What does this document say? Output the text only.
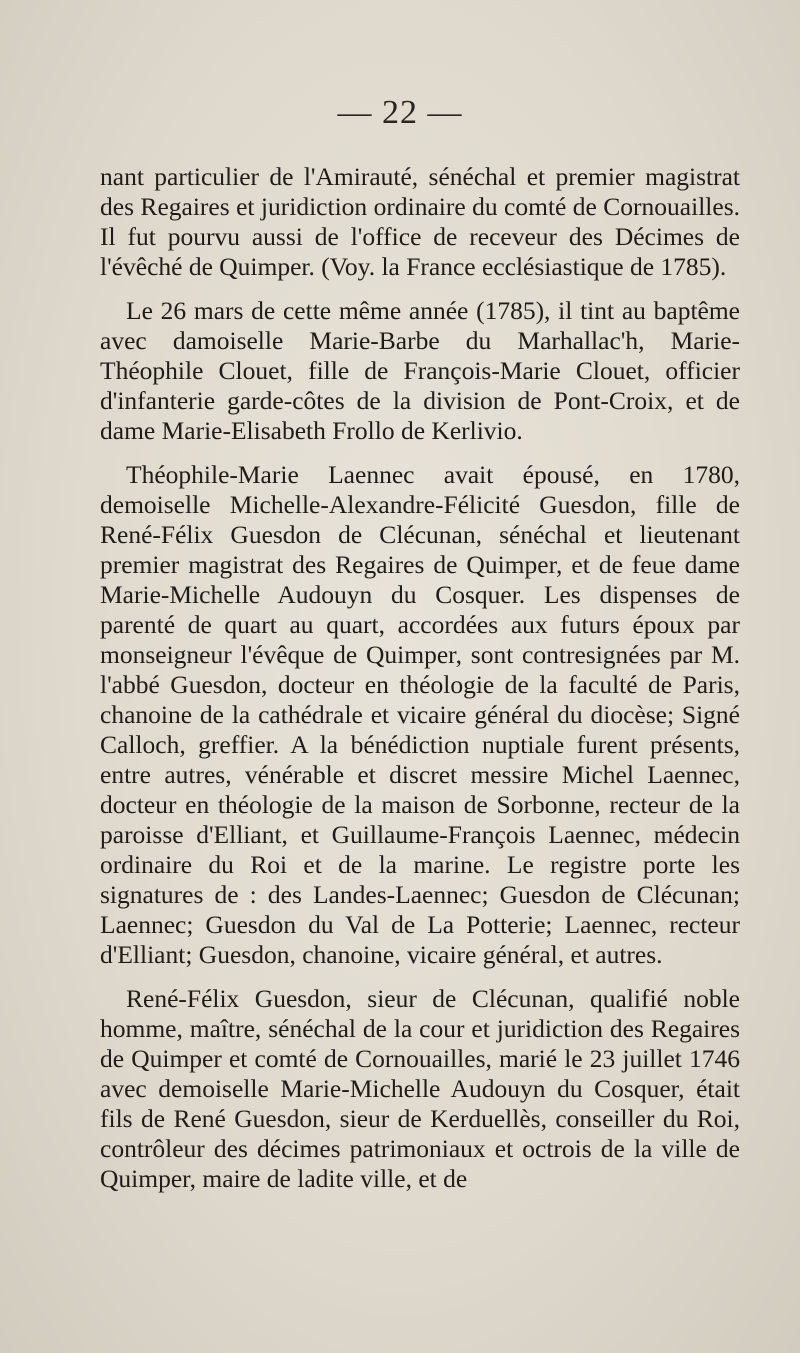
— 22 —

nant particulier de l'Amirauté, sénéchal et premier magistrat des Regaires et juridiction ordinaire du comté de Cornouailles. Il fut pourvu aussi de l'office de receveur des Décimes de l'évêché de Quimper. (Voy. la France ecclésiastique de 1785).

Le 26 mars de cette même année (1785), il tint au baptême avec damoiselle Marie-Barbe du Marhallac'h, Marie-Théophile Clouet, fille de François-Marie Clouet, officier d'infanterie garde-côtes de la division de Pont-Croix, et de dame Marie-Elisabeth Frollo de Kerlivio.

Théophile-Marie Laennec avait épousé, en 1780, demoiselle Michelle-Alexandre-Félicité Guesdon, fille de René-Félix Guesdon de Clécunan, sénéchal et lieutenant premier magistrat des Regaires de Quimper, et de feue dame Marie-Michelle Audouyn du Cosquer. Les dispenses de parenté de quart au quart, accordées aux futurs époux par monseigneur l'évêque de Quimper, sont contresignées par M. l'abbé Guesdon, docteur en théologie de la faculté de Paris, chanoine de la cathédrale et vicaire général du diocèse; Signé Calloch, greffier. A la bénédiction nuptiale furent présents, entre autres, vénérable et discret messire Michel Laennec, docteur en théologie de la maison de Sorbonne, recteur de la paroisse d'Elliant, et Guillaume-François Laennec, médecin ordinaire du Roi et de la marine. Le registre porte les signatures de : des Landes-Laennec; Guesdon de Clécunan; Laennec; Guesdon du Val de La Potterie; Laennec, recteur d'Elliant; Guesdon, chanoine, vicaire général, et autres.

René-Félix Guesdon, sieur de Clécunan, qualifié noble homme, maître, sénéchal de la cour et juridiction des Regaires de Quimper et comté de Cornouailles, marié le 23 juillet 1746 avec demoiselle Marie-Michelle Audouyn du Cosquer, était fils de René Guesdon, sieur de Kerduellès, conseiller du Roi, contrôleur des décimes patrimoniaux et octrois de la ville de Quimper, maire de ladite ville, et de
